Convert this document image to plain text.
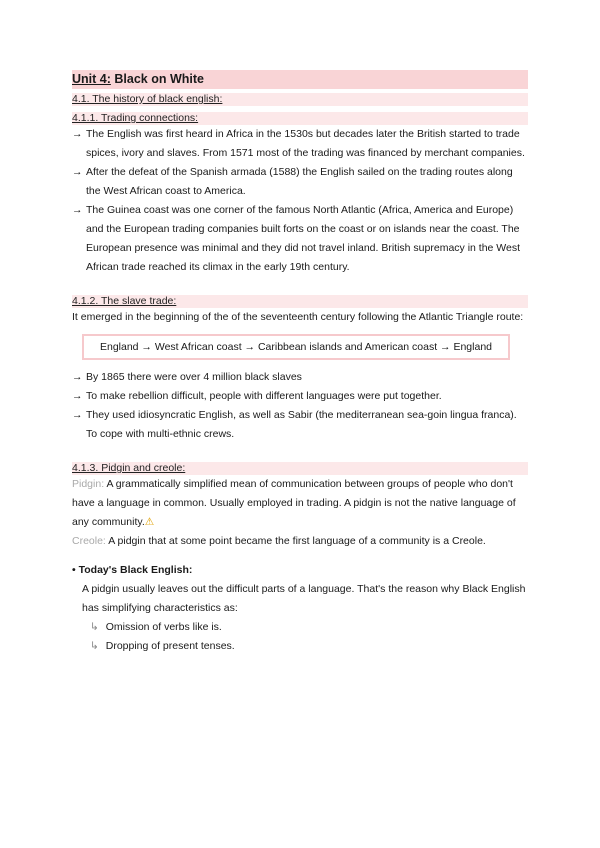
Unit 4: Black on White
4.1. The history of black english:
4.1.1. Trading connections:
→ The English was first heard in Africa in the 1530s but decades later the British started to trade spices, ivory and slaves. From 1571 most of the trading was financed by merchant companies.
→ After the defeat of the Spanish armada (1588) the English sailed on the trading routes along the West African coast to America.
→ The Guinea coast was one corner of the famous North Atlantic (Africa, America and Europe) and the European trading companies built forts on the coast or on islands near the coast. The European presence was minimal and they did not travel inland. British supremacy in the West African trade reached its climax in the early 19th century.
4.1.2. The slave trade:

It emerged in the beginning of the of the seventeenth century following the Atlantic Triangle route:

England → West African coast → Caribbean islands and American coast → England
→ By 1865 there were over 4 million black slaves
→ To make rebellion difficult, people with different languages were put together.
→ They used idiosyncratic English, as well as Sabir (the mediterranean sea-goin lingua franca). To cope with multi-ethnic crews.
4.1.3. Pidgin and creole:

Pidgin: A grammatically simplified mean of communication between groups of people who don't have a language in common. Usually employed in trading. A pidgin is not the native language of any community.⚠

Creole: A pidgin that at some point became the first language of a community is a Creole.

• Today's Black English:

A pidgin usually leaves out the difficult parts of a language. That's the reason why Black English has simplifying characteristics as:

↳ Omission of verbs like is.
↳ Dropping of present tenses.
